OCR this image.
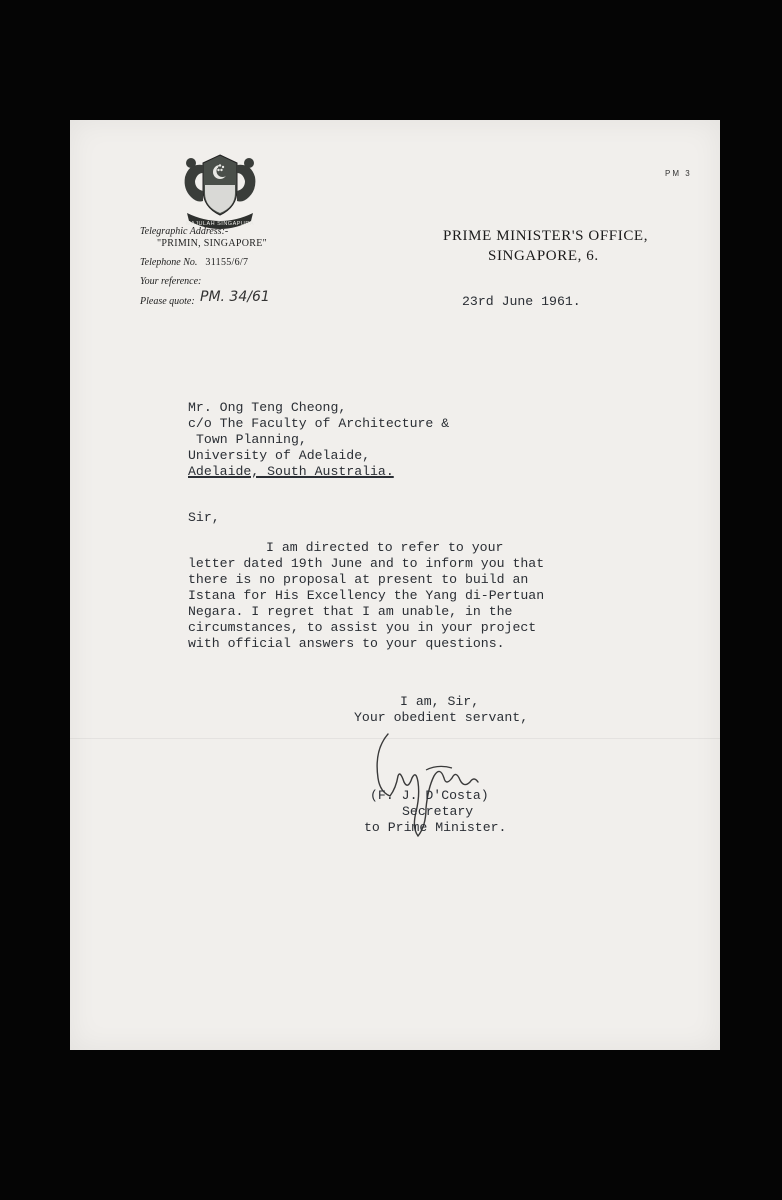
MAJULAH SINGAPURA
PM 3
Telegraphic Address:-
"PRIMIN, SINGAPORE"
Telephone No. 31155/6/7
Your reference:
Please quote: PM. 34/61
PRIME MINISTER'S OFFICE,
SINGAPORE, 6.
23rd June 1961.
Mr. Ong Teng Cheong,
c/o The Faculty of Architecture &
Town Planning,
University of Adelaide,
Adelaide, South Australia.
Sir,
I am directed to refer to your
letter dated 19th June and to inform you that
there is no proposal at present to build an
Istana for His Excellency the Yang di-Pertuan
Negara. I regret that I am unable, in the
circumstances, to assist you in your project
with official answers to your questions.
I am, Sir,
Your obedient servant,
(F. J. D'Costa)
Secretary
to Prime Minister.
